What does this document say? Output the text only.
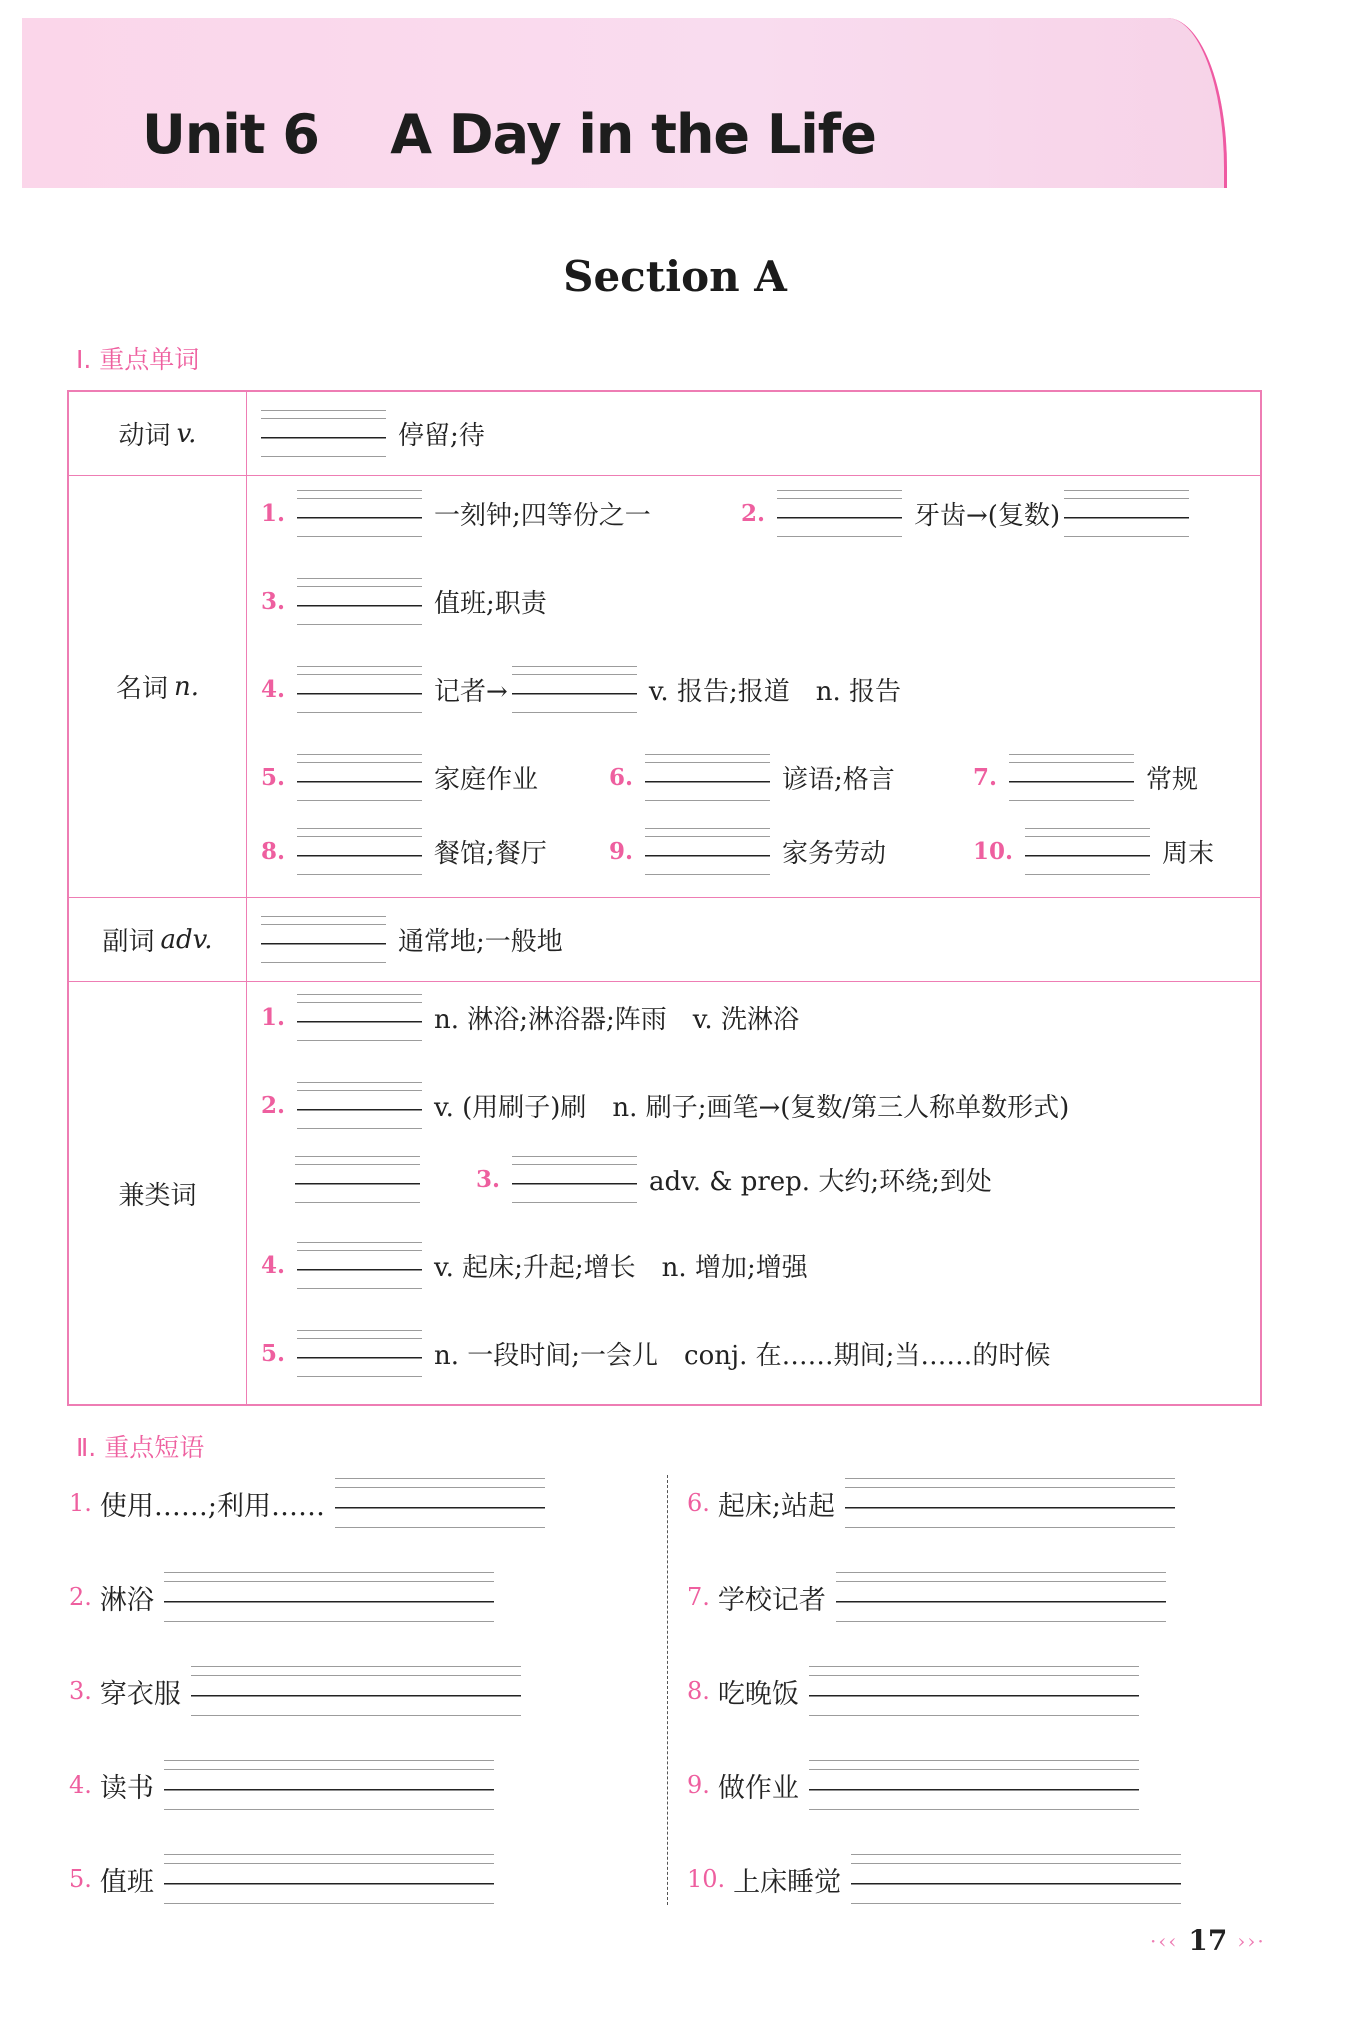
Unit 6    A Day in the Life
Section A
Ⅰ. 重点单词
动词 v.	停留;待
名词 n.
1.	一刻钟;四等份之一	2.	牙齿→(复数)
3.	值班;职责
4.	记者→	v. 报告;报道　n. 报告
5.	家庭作业	6.	谚语;格言	7.	常规
8.	餐馆;餐厅	9.	家务劳动	10.	周末
副词 adv.	通常地;一般地
兼类词
1.	n. 淋浴;淋浴器;阵雨　v. 洗淋浴
2.	v. (用刷子)刷　n. 刷子;画笔→(复数/第三人称单数形式)
3.	adv. & prep. 大约;环绕;到处
4.	v. 起床;升起;增长　n. 增加;增强
5.	n. 一段时间;一会儿　conj. 在……期间;当……的时候
Ⅱ. 重点短语
1. 使用……;利用……
2. 淋浴
3. 穿衣服
4. 读书
5. 值班
6. 起床;站起
7. 学校记者
8. 吃晚饭
9. 做作业
10. 上床睡觉
·‹‹ 17 ››·
